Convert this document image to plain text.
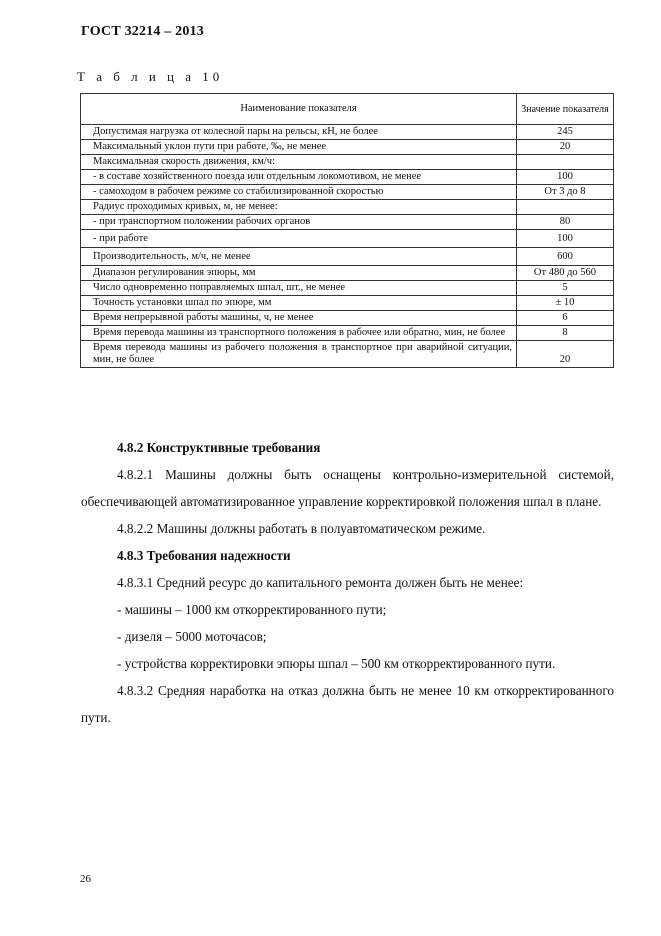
ГОСТ 32214 – 2013
Т а б л и ц а 10
Наименование показателя	Значение показателя
Допустимая нагрузка от колесной пары на рельсы, кН, не более	245
Максимальный уклон пути при работе, ‰, не менее	20
Максимальная скорость движения, км/ч:	
- в составе хозяйственного поезда или отдельным локомотивом, не менее	100
- самоходом в рабочем режиме со стабилизированной скоростью	От 3 до 8
Радиус проходимых кривых, м, не менее:	
- при транспортном положении рабочих органов	80
- при работе	100
Производительность, м/ч, не менее	600
Диапазон регулирования эпюры, мм	От 480 до 560
Число одновременно поправляемых шпал, шт., не менее	5
Точность установки шпал по эпюре, мм	± 10
Время непрерывной работы машины, ч, не менее	6
Время перевода машины из транспортного положения в рабочее или обратно, мин, не более	8
Время перевода машины из рабочего положения в транспортное при аварийной ситуации, мин, не более	20

4.8.2 Конструктивные требования

4.8.2.1 Машины должны быть оснащены контрольно-измерительной системой, обеспечивающей автоматизированное управление корректировкой положения шпал в плане.

4.8.2.2 Машины должны работать в полуавтоматическом режиме.

4.8.3 Требования надежности

4.8.3.1 Средний ресурс до капитального ремонта должен быть не менее:

- машины – 1000 км откорректированного пути;

- дизеля – 5000 моточасов;

- устройства корректировки эпюры шпал – 500 км откорректированного пути.

4.8.3.2 Средняя наработка на отказ должна быть не менее 10 км откорректированного пути.

26
